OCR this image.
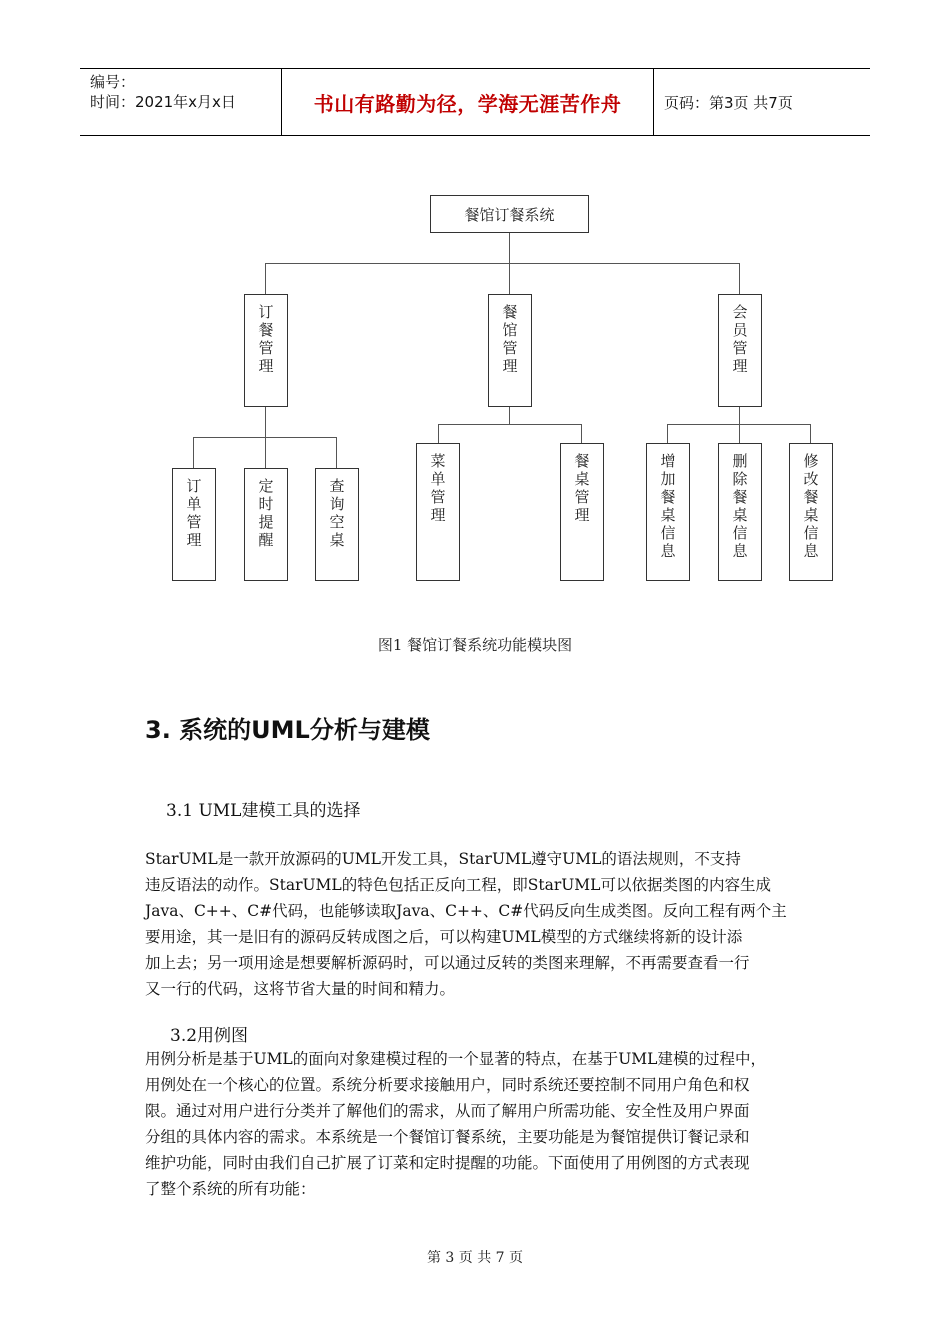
编号：
时间：2021年x月x日	书山有路勤为径，学海无涯苦作舟	页码：第3页 共7页
餐馆订餐系统
订餐管理
餐馆管理
会员管理
订单管理
定时提醒
查询空桌
菜单管理
餐桌管理
增加餐桌信息
删除餐桌信息
修改餐桌信息
图1 餐馆订餐系统功能模块图
3. 系统的UML分析与建模
3.1 UML建模工具的选择

StarUML是一款开放源码的UML开发工具，StarUML遵守UML的语法规则，不支持

违反语法的动作。StarUML的特色包括正反向工程，即StarUML可以依据类图的内容生成

Java、C++、C#代码，也能够读取Java、C++、C#代码反向生成类图。反向工程有两个主

要用途，其一是旧有的源码反转成图之后，可以构建UML模型的方式继续将新的设计添

加上去；另一项用途是想要解析源码时，可以通过反转的类图来理解，不再需要查看一行

又一行的代码，这将节省大量的时间和精力。

3.2用例图

用例分析是基于UML的面向对象建模过程的一个显著的特点，在基于UML建模的过程中，

用例处在一个核心的位置。系统分析要求接触用户，同时系统还要控制不同用户角色和权

限。通过对用户进行分类并了解他们的需求，从而了解用户所需功能、安全性及用户界面

分组的具体内容的需求。本系统是一个餐馆订餐系统，主要功能是为餐馆提供订餐记录和

维护功能，同时由我们自己扩展了订菜和定时提醒的功能。下面使用了用例图的方式表现

了整个系统的所有功能：

第 3 页 共 7 页
